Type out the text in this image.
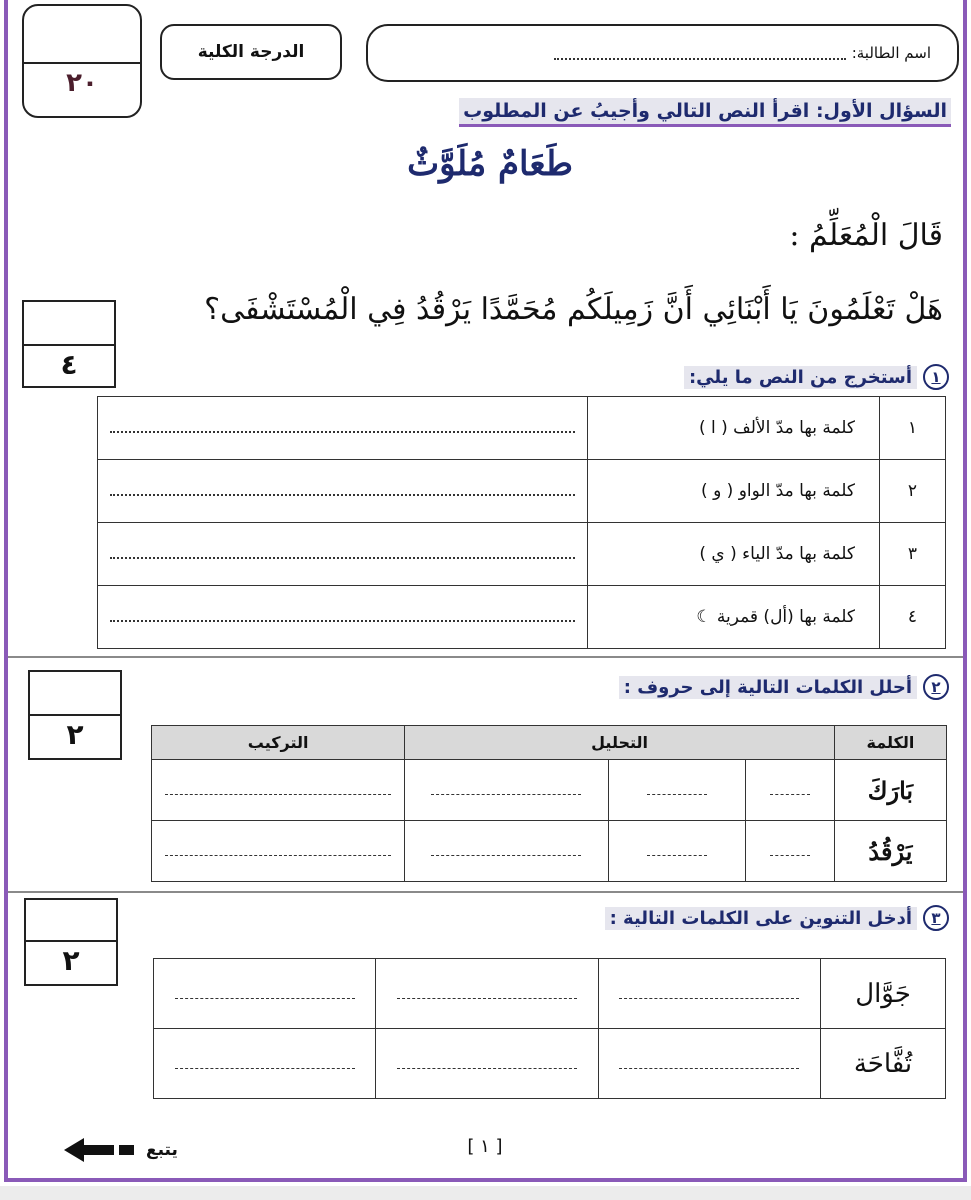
٢٠
الدرجة الكلية	اسم الطالبة:
السؤال الأول: اقرأ النص التالي وأجيبُ عن المطلوب
طَعَامٌ مُلَوَّثٌ
قَالَ الْمُعَلِّمُ :
هَلْ تَعْلَمُونَ يَا أَبْنَائِي أَنَّ زَمِيلَكُم مُحَمَّدًا يَرْقُدُ فِي الْمُسْتَشْفَى؟
٤	١
أستخرج من النص ما يلي:
١	كلمة بها مدّ الألف ( ا )	

٢	كلمة بها مدّ الواو ( و )	

٣	كلمة بها مدّ الياء ( ي )	

٤	كلمة بها (أل) قمرية ☾	
٢
٢
أحلل الكلمات التالية إلى حروف :
الكلمة	التحليل			التركيب
بَارَكَ				
يَرْقُدُ				
٢
٣
أدخل التنوين على الكلمات التالية :
جَوَّال			
تُفَّاحَة			
[ ١ ]
يتبع
